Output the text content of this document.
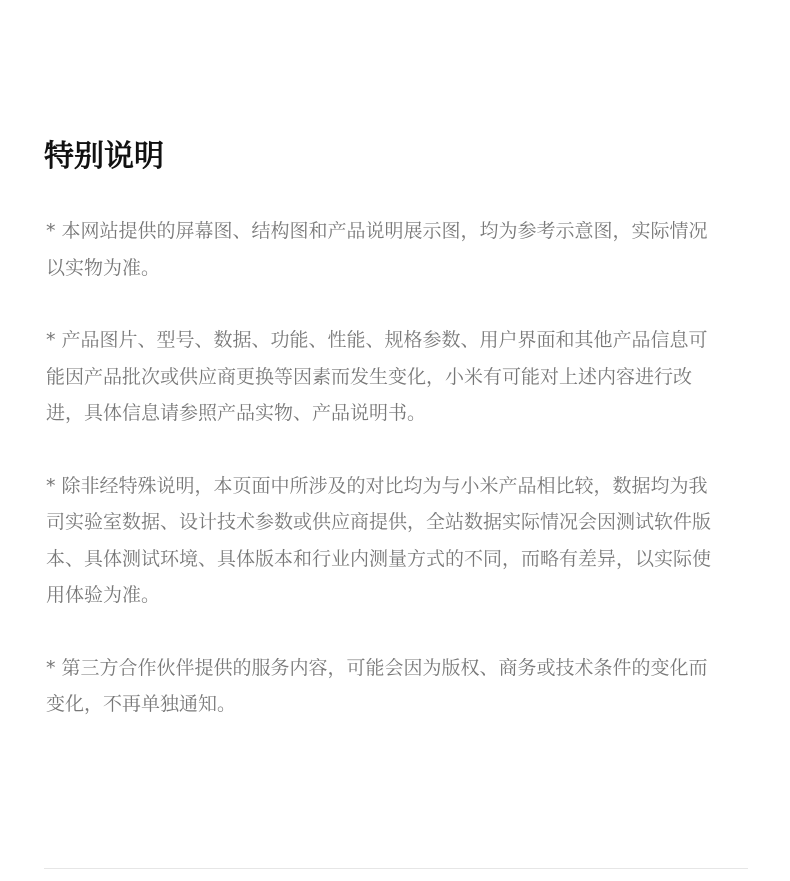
特别说明
* 本网站提供的屏幕图、结构图和产品说明展示图，均为参考示意图，实际情况以实物为准。
* 产品图片、型号、数据、功能、性能、规格参数、用户界面和其他产品信息可能因产品批次或供应商更换等因素而发生变化，小米有可能对上述内容进行改进，具体信息请参照产品实物、产品说明书。
* 除非经特殊说明，本页面中所涉及的对比均为与小米产品相比较，数据均为我司实验室数据、设计技术参数或供应商提供，全站数据实际情况会因测试软件版本、具体测试环境、具体版本和行业内测量方式的不同，而略有差异，以实际使用体验为准。
* 第三方合作伙伴提供的服务内容，可能会因为版权、商务或技术条件的变化而变化，不再单独通知。
